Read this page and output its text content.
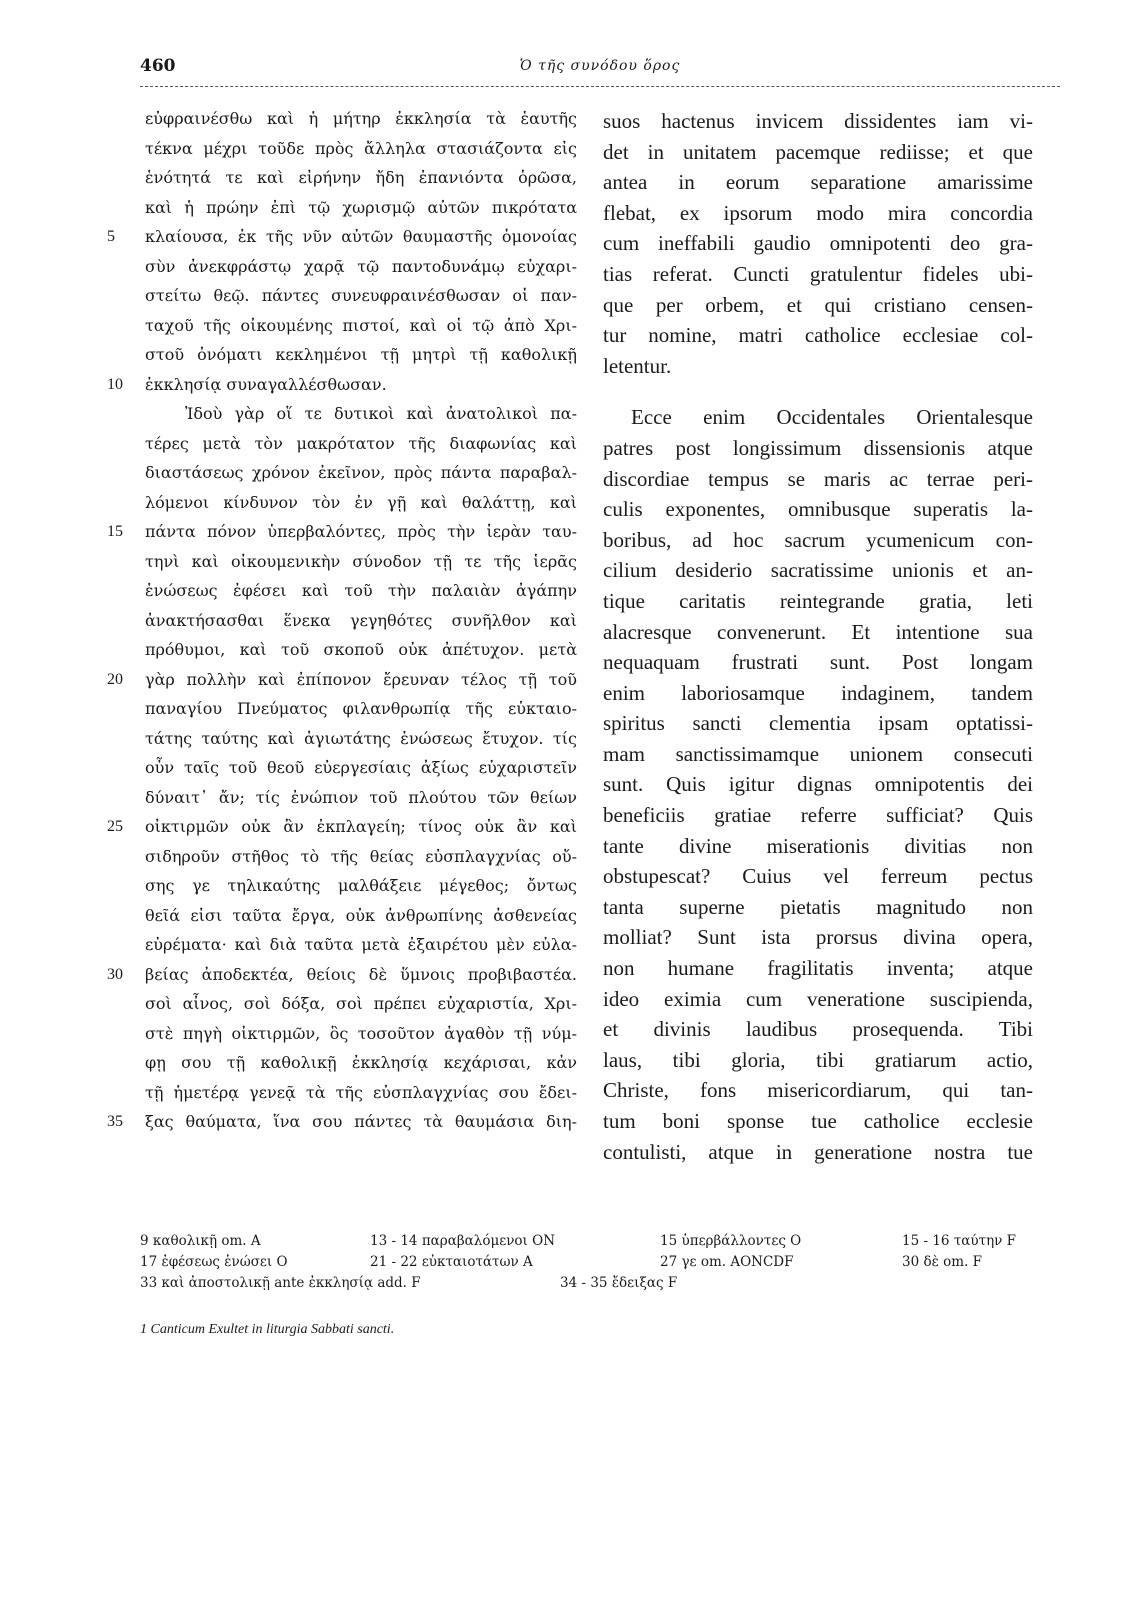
460	Ὁ τῆς συνόδου ὅρος
εὐφραινέσθω καὶ ἡ μήτηρ ἐκκλησία τὰ ἑαυτῆς
τέκνα μέχρι τοῦδε πρὸς ἄλληλα στασιάζοντα εἰς
ἑνότητά τε καὶ εἰρήνην ἤδη ἐπανιόντα ὁρῶσα,
καὶ ἡ πρώην ἐπὶ τῷ χωρισμῷ αὐτῶν πικρότατα
5	κλαίουσα, ἐκ τῆς νῦν αὐτῶν θαυμαστῆς ὁμονοίας
σὺν ἀνεκφράστῳ χαρᾷ τῷ παντοδυνάμῳ εὐχαρι-
στείτω θεῷ. πάντες συνευφραινέσθωσαν οἱ παν-
ταχοῦ τῆς οἰκουμένης πιστοί, καὶ οἱ τῷ ἀπὸ Χρι-
στοῦ ὀνόματι κεκλημένοι τῇ μητρὶ τῇ καθολικῇ
10	ἐκκλησίᾳ συναγαλλέσθωσαν.
Ἰδοὺ γὰρ οἵ τε δυτικοὶ καὶ ἀνατολικοὶ πα-
τέρες μετὰ τὸν μακρότατον τῆς διαφωνίας καὶ
διαστάσεως χρόνον ἐκεῖνον, πρὸς πάντα παραβαλ-
λόμενοι κίνδυνον τὸν ἐν γῇ καὶ θαλάττῃ, καὶ
15	πάντα πόνον ὑπερβαλόντες, πρὸς τὴν ἱερὰν ταυ-
τηνὶ καὶ οἰκουμενικὴν σύνοδον τῇ τε τῆς ἱερᾶς
ἑνώσεως ἐφέσει καὶ τοῦ τὴν παλαιὰν ἀγάπην
ἀνακτήσασθαι ἕνεκα γεγηθότες συνῆλθον καὶ
πρόθυμοι, καὶ τοῦ σκοποῦ οὐκ ἀπέτυχον. μετὰ
20	γὰρ πολλὴν καὶ ἐπίπονον ἔρευναν τέλος τῇ τοῦ
παναγίου Πνεύματος φιλανθρωπίᾳ τῆς εὐκταιο-
τάτης ταύτης καὶ ἁγιωτάτης ἑνώσεως ἔτυχον. τίς
οὖν ταῖς τοῦ θεοῦ εὐεργεσίαις ἀξίως εὐχαριστεῖν
δύναιτ᾽ ἄν; τίς ἐνώπιον τοῦ πλούτου τῶν θείων
25	οἰκτιρμῶν οὐκ ἂν ἐκπλαγείη; τίνος οὐκ ἂν καὶ
σιδηροῦν στῆθος τὸ τῆς θείας εὐσπλαγχνίας οὔ-
σης γε τηλικαύτης μαλθάξειε μέγεθος; ὄντως
θεῖά εἰσι ταῦτα ἔργα, οὐκ ἀνθρωπίνης ἀσθενείας
εὑρέματα· καὶ διὰ ταῦτα μετὰ ἐξαιρέτου μὲν εὐλα-
30	βείας ἀποδεκτέα, θείοις δὲ ὕμνοις προβιβαστέα.
σοὶ αἶνος, σοὶ δόξα, σοὶ πρέπει εὐχαριστία, Χρι-
στὲ πηγὴ οἰκτιρμῶν, ὃς τοσοῦτον ἀγαθὸν τῇ νύμ-
φῃ σου τῇ καθολικῇ ἐκκλησίᾳ κεχάρισαι, κἀν
τῇ ἡμετέρᾳ γενεᾷ τὰ τῆς εὐσπλαγχνίας σου ἔδει-
35	ξας θαύματα, ἵνα σου πάντες τὰ θαυμάσια διη-
suos hactenus invicem dissidentes iam vi-
det in unitatem pacemque rediisse; et que
antea in eorum separatione amarissime
flebat, ex ipsorum modo mira concordia
cum ineffabili gaudio omnipotenti deo gra-
tias referat. Cuncti gratulentur fideles ubi-
que per orbem, et qui cristiano censen-
tur nomine, matri catholice ecclesiae col-
letentur.
Ecce enim Occidentales Orientalesque
patres post longissimum dissensionis atque
discordiae tempus se maris ac terrae peri-
culis exponentes, omnibusque superatis la-
boribus, ad hoc sacrum ycumenicum con-
cilium desiderio sacratissime unionis et an-
tique caritatis reintegrande gratia, leti
alacresque convenerunt. Et intentione sua
nequaquam frustrati sunt. Post longam
enim laboriosamque indaginem, tandem
spiritus sancti clementia ipsam optatissi-
mam sanctissimamque unionem consecuti
sunt. Quis igitur dignas omnipotentis dei
beneficiis gratiae referre sufficiat? Quis
tante divine miserationis divitias non
obstupescat? Cuius vel ferreum pectus
tanta superne pietatis magnitudo non
molliat? Sunt ista prorsus divina opera,
non humane fragilitatis inventa; atque
ideo eximia cum veneratione suscipienda,
et divinis laudibus prosequenda. Tibi
laus, tibi gloria, tibi gratiarum actio,
Christe, fons misericordiarum, qui tan-
tum boni sponse tue catholice ecclesie
contulisti, atque in generatione nostra tue
9 καθολικῇ om. A	13 - 14 παραβαλόμενοι ON	15 ὑπερβάλλοντες O	15 - 16 ταύτην F
17 ἐφέσεως ἑνώσει O	21 - 22 εὐκταιοτάτων A	27 γε om. AONCDF	30 δὲ om. F
33 καὶ ἀποστολικῇ ante ἐκκλησίᾳ add. F	34 - 35 ἔδειξας F
1 Canticum Exultet in liturgia Sabbati sancti.
